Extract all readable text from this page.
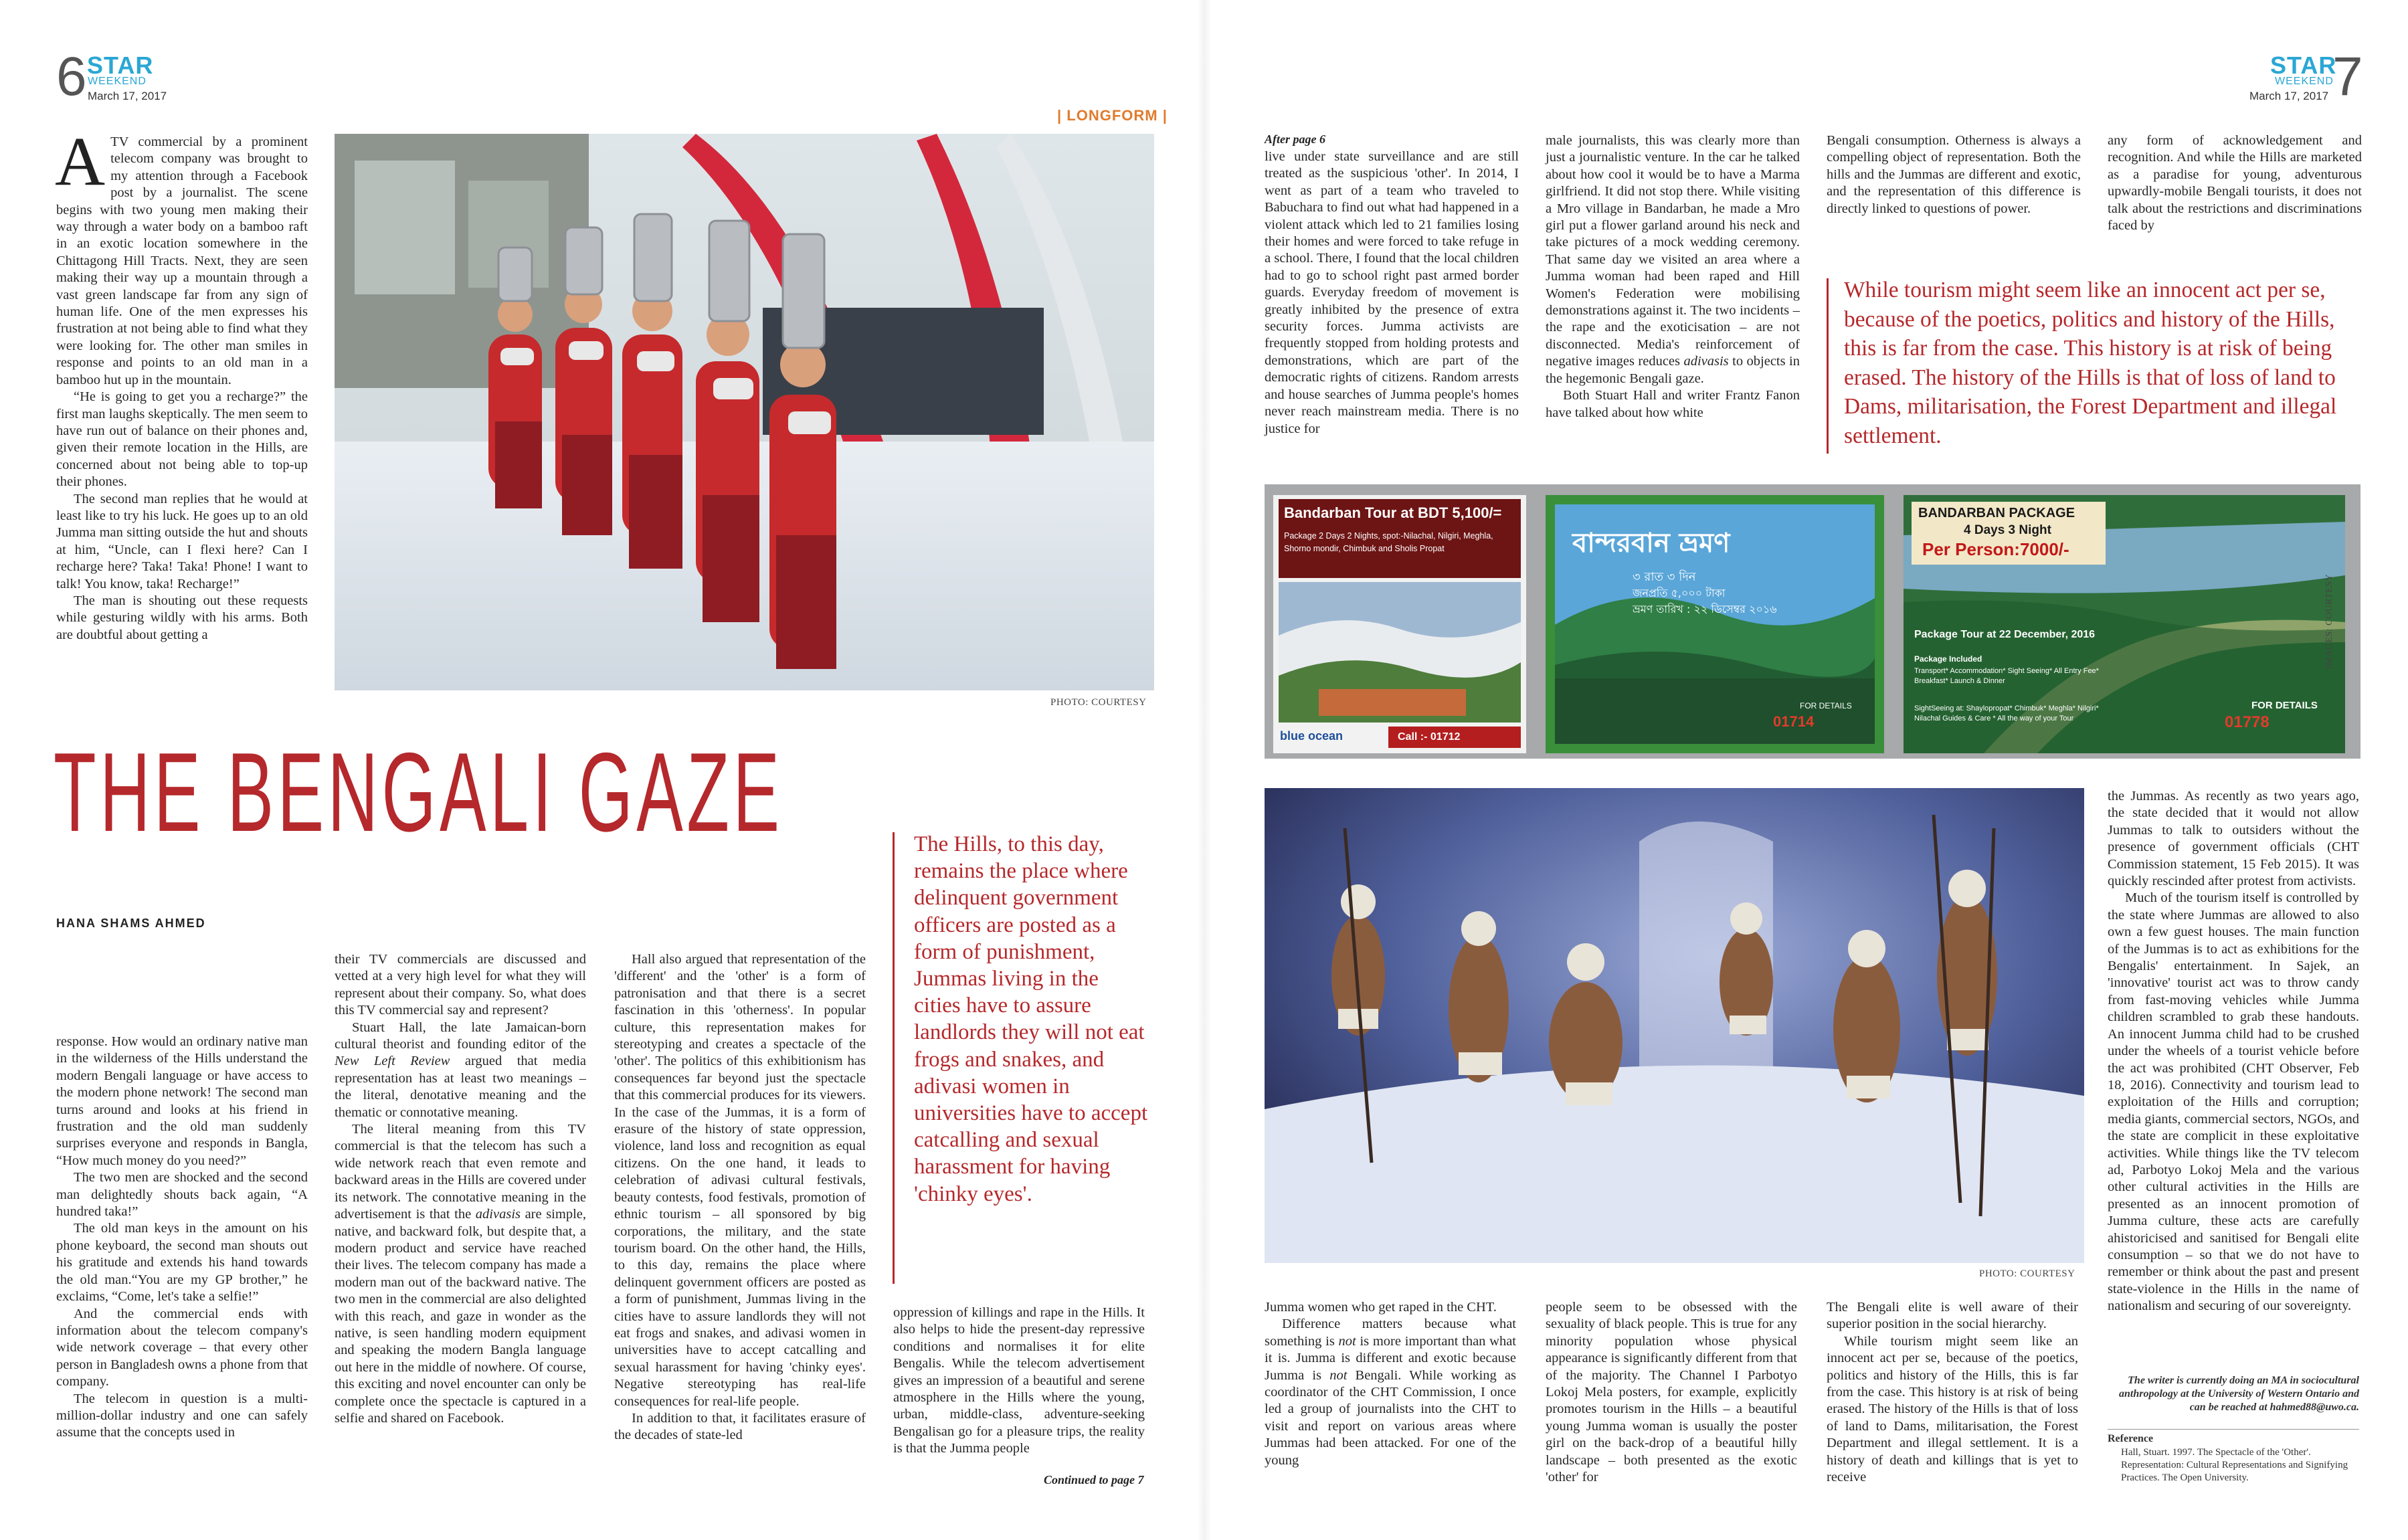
6 STAR
WEEKEND
March 17, 2017
| LONGFORM |

ATV commercial by a prominent telecom company was brought to my attention through a Facebook post by a journalist. The scene begins with two young men making their way through a water body on a bamboo raft in an exotic location somewhere in the Chittagong Hill Tracts. Next, they are seen making their way up a mountain through a vast green landscape far from any sign of human life. One of the men expresses his frustration at not being able to find what they were looking for. The other man smiles in response and points to an old man in a bamboo hut up in the mountain.

“He is going to get you a recharge?” the first man laughs skeptically. The men seem to have run out of balance on their phones and, given their remote location in the Hills, are concerned about not being able to top-up their phones.

The second man replies that he would at least like to try his luck. He goes up to an old Jumma man sitting outside the hut and shouts at him, “Uncle, can I flexi here? Can I recharge here? Taka! Taka! Phone! I want to talk! You know, taka! Recharge!”

The man is shouting out these requests while gesturing wildly with his arms. Both are doubtful about getting a

PHOTO: COURTESY
THE BENGALI GAZE
HANA SHAMS AHMED

response. How would an ordinary native man in the wilderness of the Hills understand the modern Bengali language or have access to the modern phone network! The second man turns around and looks at his friend in frustration and the old man suddenly surprises everyone and responds in Bangla, “How much money do you need?”

The two men are shocked and the second man delightedly shouts back again, “A hundred taka!”

The old man keys in the amount on his phone keyboard, the second man shouts out his gratitude and extends his hand towards the old man.“You are my GP brother,” he exclaims, “Come, let's take a selfie!”

And the commercial ends with information about the telecom company's wide network coverage – that every other person in Bangladesh owns a phone from that company.

The telecom in question is a multi-million-dollar industry and one can safely assume that the concepts used in

their TV commercials are discussed and vetted at a very high level for what they will represent about their company. So, what does this TV commercial say and represent?

Stuart Hall, the late Jamaican-born cultural theorist and founding editor of the New Left Review argued that media representation has at least two meanings – the literal, denotative meaning and the thematic or connotative meaning.

The literal meaning from this TV commercial is that the telecom has such a wide network reach that even remote and backward areas in the Hills are covered under its network. The connotative meaning in the advertisement is that the adivasis are simple, native, and backward folk, but despite that, a modern product and service have reached their lives. The telecom company has made a modern man out of the backward native. The two men in the commercial are also delighted with this reach, and gaze in wonder as the native, is seen handling modern equipment and speaking the modern Bangla language out here in the middle of nowhere. Of course, this exciting and novel encounter can only be complete once the spectacle is captured in a selfie and shared on Facebook.

Hall also argued that representation of the 'different' and the 'other' is a form of patronisation and that there is a secret fascination in this 'otherness'. In popular culture, this representation makes for stereotyping and creates a spectacle of the 'other'. The politics of this exhibitionism has consequences far beyond just the spectacle that this commercial produces for its viewers. In the case of the Jummas, it is a form of erasure of the history of state oppression, violence, land loss and recognition as equal citizens. On the one hand, it leads to celebration of adivasi cultural festivals, beauty contests, food festivals, promotion of ethnic tourism – all sponsored by big corporations, the military, and the state tourism board. On the other hand, the Hills, to this day, remains the place where delinquent government officers are posted as a form of punishment, Jummas living in the cities have to assure landlords they will not eat frogs and snakes, and adivasi women in universities have to accept catcalling and sexual harassment for having 'chinky eyes'. Negative stereotyping has real-life consequences for real-life people.

In addition to that, it facilitates erasure of the decades of state-led

oppression of killings and rape in the Hills. It also helps to hide the present-day repressive conditions and normalises it for elite Bengalis. While the telecom advertisement gives an impression of a beautiful and serene atmosphere in the Hills where the young, urban, middle-class, adventure-seeking Bengalisan go for a pleasure trips, the reality is that the Jumma people

Continued to page 7
The Hills, to this day, remains the place where delinquent government officers are posted as a form of punishment, Jummas living in the cities have to assure landlords they will not eat frogs and snakes, and adivasi women in universities have to accept catcalling and sexual harassment for having 'chinky eyes'.
STAR
WEEKEND
March 17, 2017 7
After page 6

live under state surveillance and are still treated as the suspicious 'other'. In 2014, I went as part of a team who traveled to Babuchara to find out what had happened in a violent attack which led to 21 families losing their homes and were forced to take refuge in a school. There, I found that the local children had to go to school right past armed border guards. Everyday freedom of movement is greatly inhibited by the presence of extra security forces. Jumma activists are frequently stopped from holding protests and demonstrations, which are part of the democratic rights of citizens. Random arrests and house searches of Jumma people's homes never reach mainstream media. There is no justice for

male journalists, this was clearly more than just a journalistic venture. In the car he talked about how cool it would be to have a Marma girlfriend. It did not stop there. While visiting a Mro village in Bandarban, he made a Mro girl put a flower garland around his neck and take pictures of a mock wedding ceremony. That same day we visited an area where a Jumma woman had been raped and Hill Women's Federation were mobilising demonstrations against it. The two incidents – the rape and the exoticisation – are not disconnected. Media's reinforcement of negative images reduces adivasis to objects in the hegemonic Bengali gaze.

Both Stuart Hall and writer Frantz Fanon have talked about how white

Bengali consumption. Otherness is always a compelling object of representation. Both the hills and the Jummas are different and exotic, and the representation of this difference is directly linked to questions of power.

any form of acknowledgement and recognition. And while the Hills are marketed as a paradise for young, adventurous upwardly-mobile Bengali tourists, it does not talk about the restrictions and discriminations faced by

While tourism might seem like an innocent act per se, because of the poetics, politics and history of the Hills, this is far from the case. This history is at risk of being erased. The history of the Hills is that of loss of land to Dams, militarisation, the Forest Department and illegal settlement.
Bandarban Tour at BDT 5,100/=
Package 2 Days 2 Nights, spot:-Nilachal, Nilgiri, Meghla, Shorno mondir, Chimbuk and Sholis Propat
blue ocean	Call :- 01712
বান্দরবান ভ্রমণ
৩ রাত ৩ দিন
জনপ্রতি ৫,০০০ টাকা
ভ্রমণ তারিখ : ২২ ডিসেম্বর ২০১৬
FOR DETAILS
01714
BANDARBAN PACKAGE
4 Days 3 Night
Per Person:7000/-
Package Tour at 22 December, 2016
Package Included
Transport* Accommodation* Sight Seeing* All Entry Fee* Breakfast* Launch & Dinner
SightSeeing at: Shaylopropat* Chimbuk* Meghla* Nilgiri* Nilachal Guides & Care * All the way of your Tour
FOR DETAILS
01778
IMAGES: COURTESY
PHOTO: COURTESY

Jumma women who get raped in the CHT.

Difference matters because what something is not is more important than what it is. Jumma is different and exotic because Jumma is not Bengali. While working as coordinator of the CHT Commission, I once led a group of journalists into the CHT to visit and report on various areas where Jummas had been attacked. For one of the young

people seem to be obsessed with the sexuality of black people. This is true for any minority population whose physical appearance is significantly different from that of the majority. The Channel I Parbotyo Lokoj Mela posters, for example, explicitly promotes tourism in the Hills – a beautiful young Jumma woman is usually the poster girl on the back-drop of a beautiful hilly landscape – both presented as the exotic 'other' for

The Bengali elite is well aware of their superior position in the social hierarchy.

While tourism might seem like an innocent act per se, because of the poetics, politics and history of the Hills, this is far from the case. This history is at risk of being erased. The history of the Hills is that of loss of land to Dams, militarisation, the Forest Department and illegal settlement. It is a history of death and killings that is yet to receive

the Jummas. As recently as two years ago, the state decided that it would not allow Jummas to talk to outsiders without the presence of government officials (CHT Commission statement, 15 Feb 2015). It was quickly rescinded after protest from activists.

Much of the tourism itself is controlled by the state where Jummas are allowed to also own a few guest houses. The main function of the Jummas is to act as exhibitions for the Bengalis' entertainment. In Sajek, an 'innovative' tourist act was to throw candy from fast-moving vehicles while Jumma children scrambled to grab these handouts. An innocent Jumma child had to be crushed under the wheels of a tourist vehicle before the act was prohibited (CHT Observer, Feb 18, 2016). Connectivity and tourism lead to exploitation of the Hills and corruption; media giants, commercial sectors, NGOs, and the state are complicit in these exploitative activities. While things like the TV telecom ad, Parbotyo Lokoj Mela and the various other cultural activities in the Hills are presented as an innocent promotion of Jumma culture, these acts are carefully ahistoricised and sanitised for Bengali elite consumption – so that we do not have to remember or think about the past and present state-violence in the Hills in the name of nationalism and securing of our sovereignty.

The writer is currently doing an MA in sociocultural anthropology at the University of Western Ontario and can be reached at hahmed88@uwo.ca.
Reference
Hall, Stuart. 1997. The Spectacle of the 'Other'. Representation: Cultural Representations and Signifying Practices. The Open University.
